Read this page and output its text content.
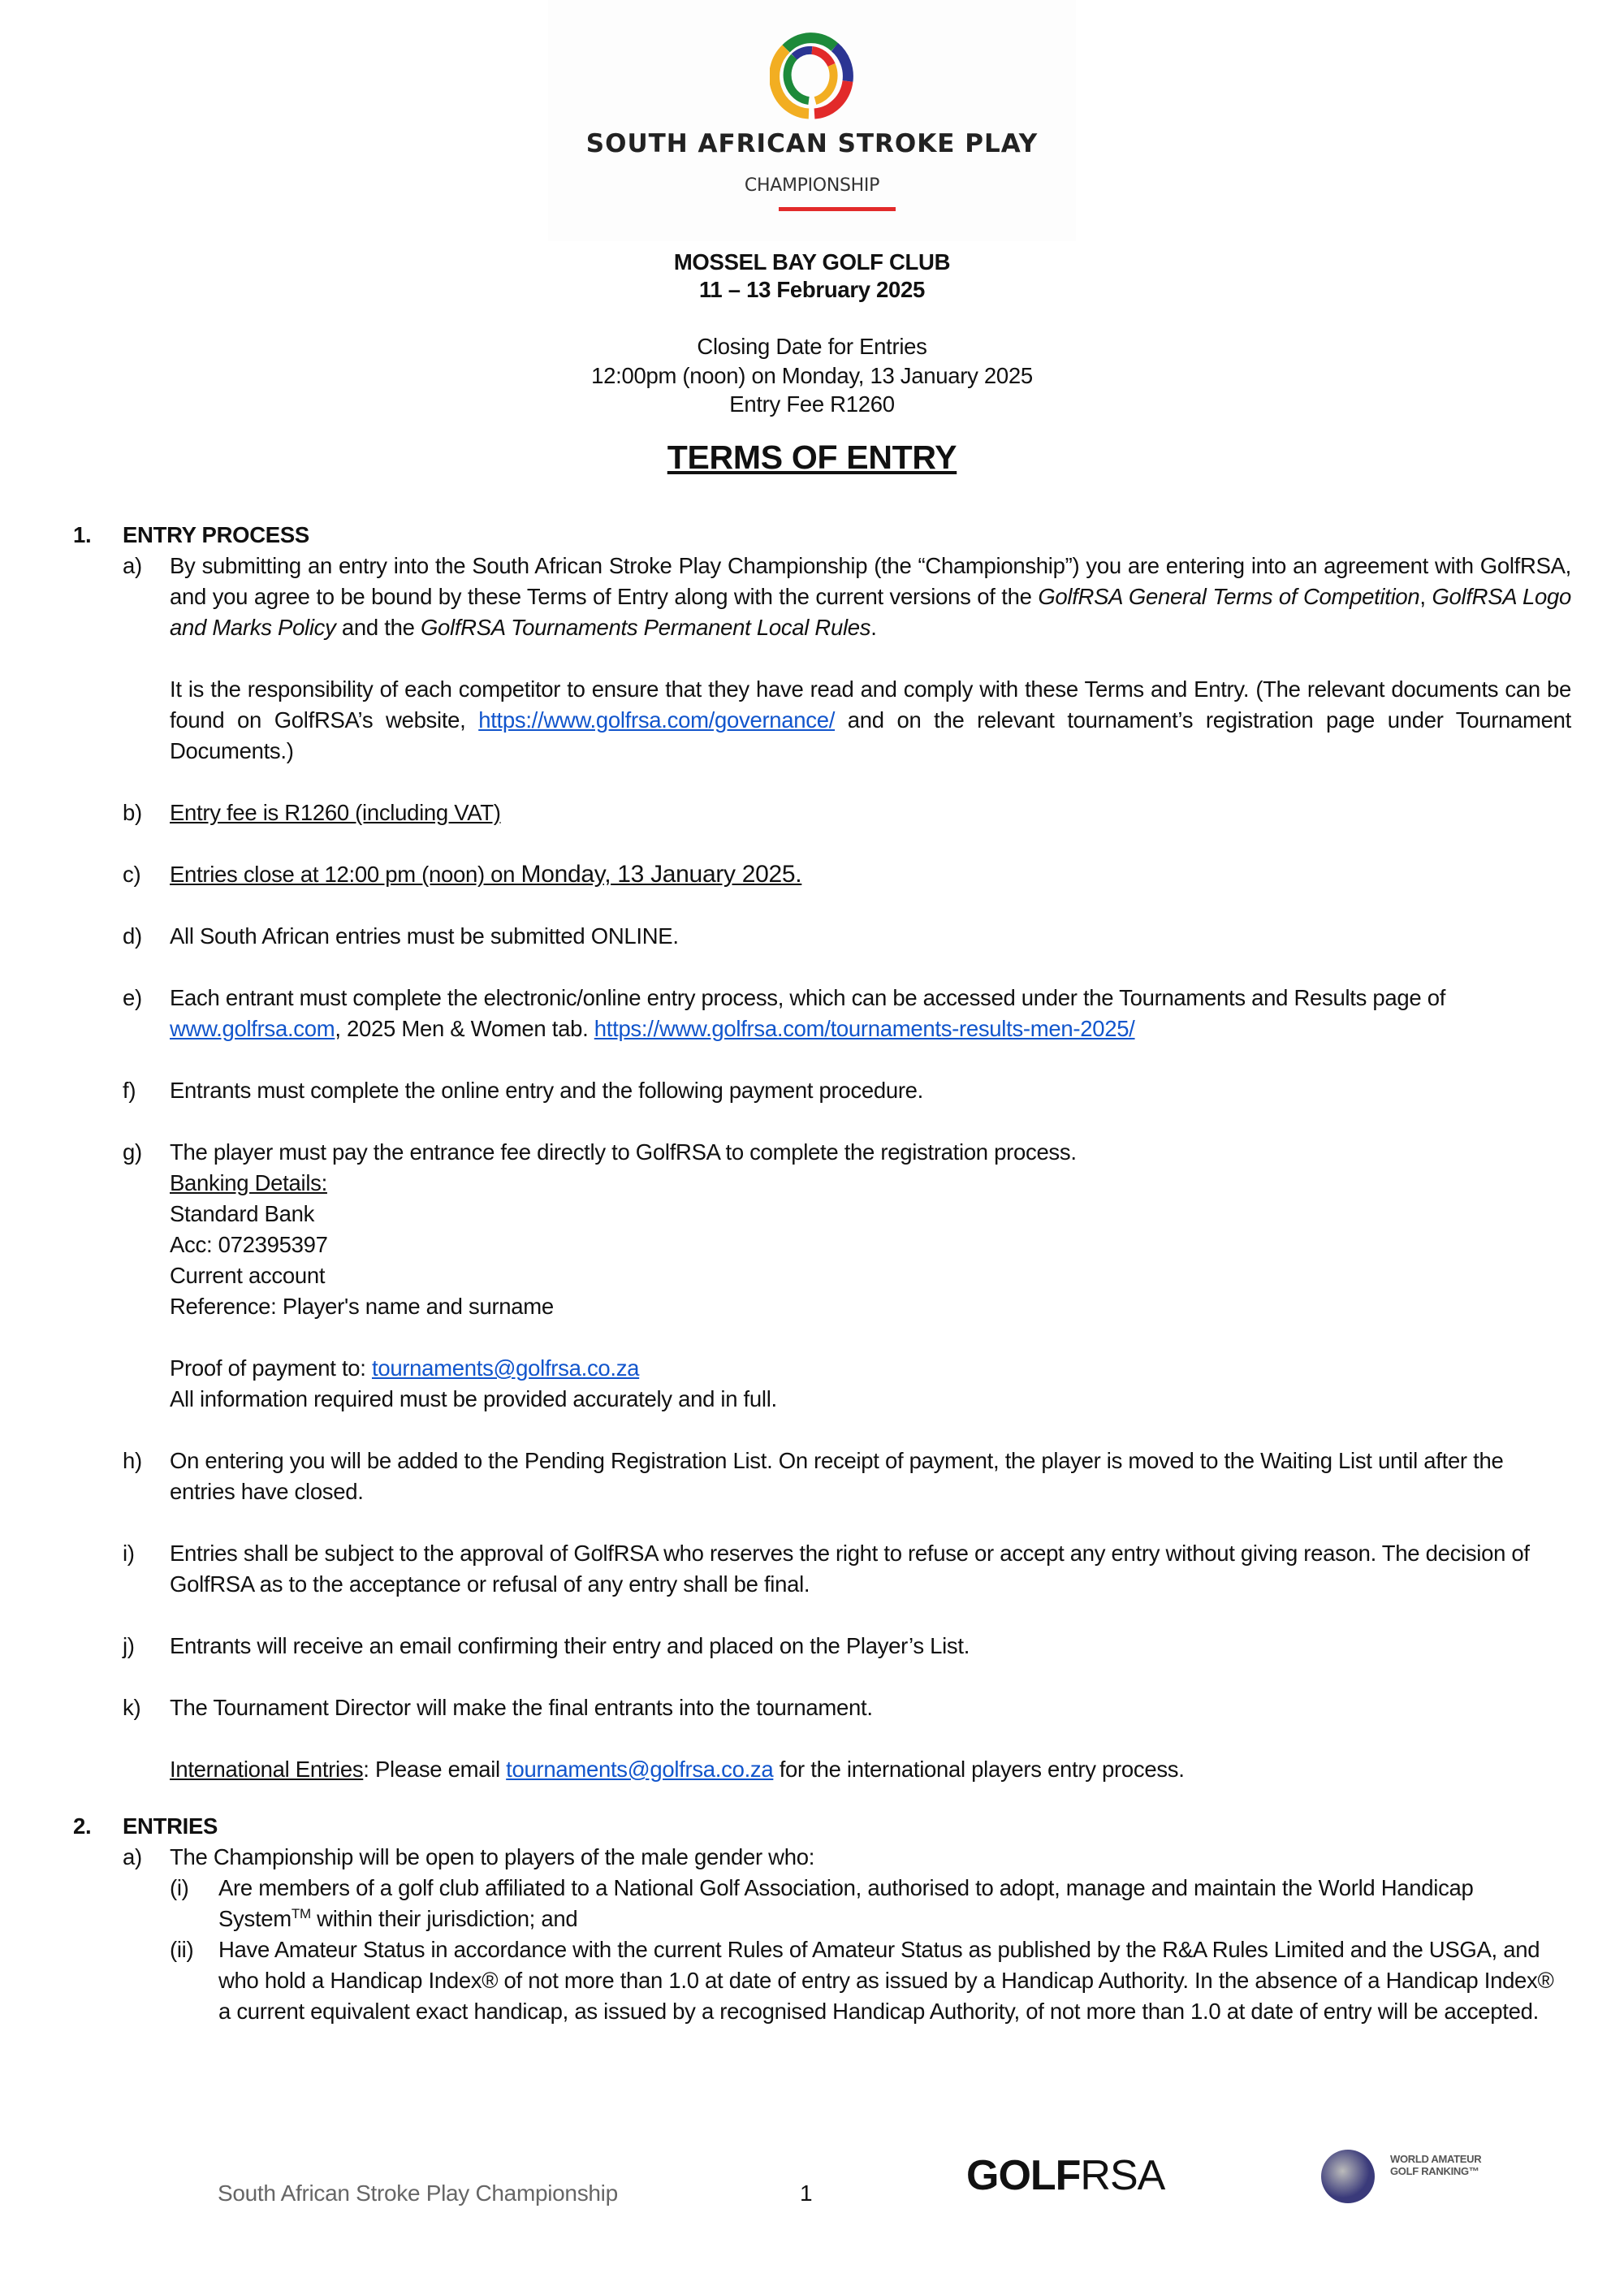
SOUTH AFRICAN STROKE PLAY
CHAMPIONSHIP
MOSSEL BAY GOLF CLUB
11 – 13 February 2025
Closing Date for Entries
12:00pm (noon) on Monday, 13 January 2025
Entry Fee R1260
TERMS OF ENTRY
1.	ENTRY PROCESS
a)	By submitting an entry into the South African Stroke Play Championship (the “Championship”) you are entering into an agreement with GolfRSA, and you agree to be bound by these Terms of Entry along with the current versions of the GolfRSA General Terms of Competition, GolfRSA Logo and Marks Policy and the GolfRSA Tournaments Permanent Local Rules.
It is the responsibility of each competitor to ensure that they have read and comply with these Terms and Entry. (The relevant documents can be found on GolfRSA’s website, https://www.golfrsa.com/governance/ and on the relevant tournament’s registration page under Tournament Documents.)
b)	Entry fee is R1260 (including VAT)
c)	Entries close at 12:00 pm (noon) on Monday, 13 January 2025.
d)	All South African entries must be submitted ONLINE.
e)	Each entrant must complete the electronic/online entry process, which can be accessed under the Tournaments and Results page of www.golfrsa.com, 2025 Men & Women tab. https://www.golfrsa.com/tournaments-results-men-2025/
f)	Entrants must complete the online entry and the following payment procedure.
g)	The player must pay the entrance fee directly to GolfRSA to complete the registration process.
Banking Details:
Standard Bank
Acc: 072395397
Current account
Reference: Player's name and surname
Proof of payment to: tournaments@golfrsa.co.za
All information required must be provided accurately and in full.
h)	On entering you will be added to the Pending Registration List. On receipt of payment, the player is moved to the Waiting List until after the entries have closed.
i)	Entries shall be subject to the approval of GolfRSA who reserves the right to refuse or accept any entry without giving reason. The decision of GolfRSA as to the acceptance or refusal of any entry shall be final.
j)	Entrants will receive an email confirming their entry and placed on the Player’s List.
k)	The Tournament Director will make the final entrants into the tournament.
International Entries: Please email tournaments@golfrsa.co.za for the international players entry process.
2.	ENTRIES
a)	The Championship will be open to players of the male gender who:
(i)	Are members of a golf club affiliated to a National Golf Association, authorised to adopt, manage and maintain the World Handicap System™ within their jurisdiction; and
(ii)	Have Amateur Status in accordance with the current Rules of Amateur Status as published by the R&A Rules Limited and the USGA, and who hold a Handicap Index® of not more than 1.0 at date of entry as issued by a Handicap Authority. In the absence of a Handicap Index® a current equivalent exact handicap, as issued by a recognised Handicap Authority, of not more than 1.0 at date of entry will be accepted.
South African Stroke Play Championship	1	GOLFRSA	WORLD AMATEUR GOLF RANKING™
